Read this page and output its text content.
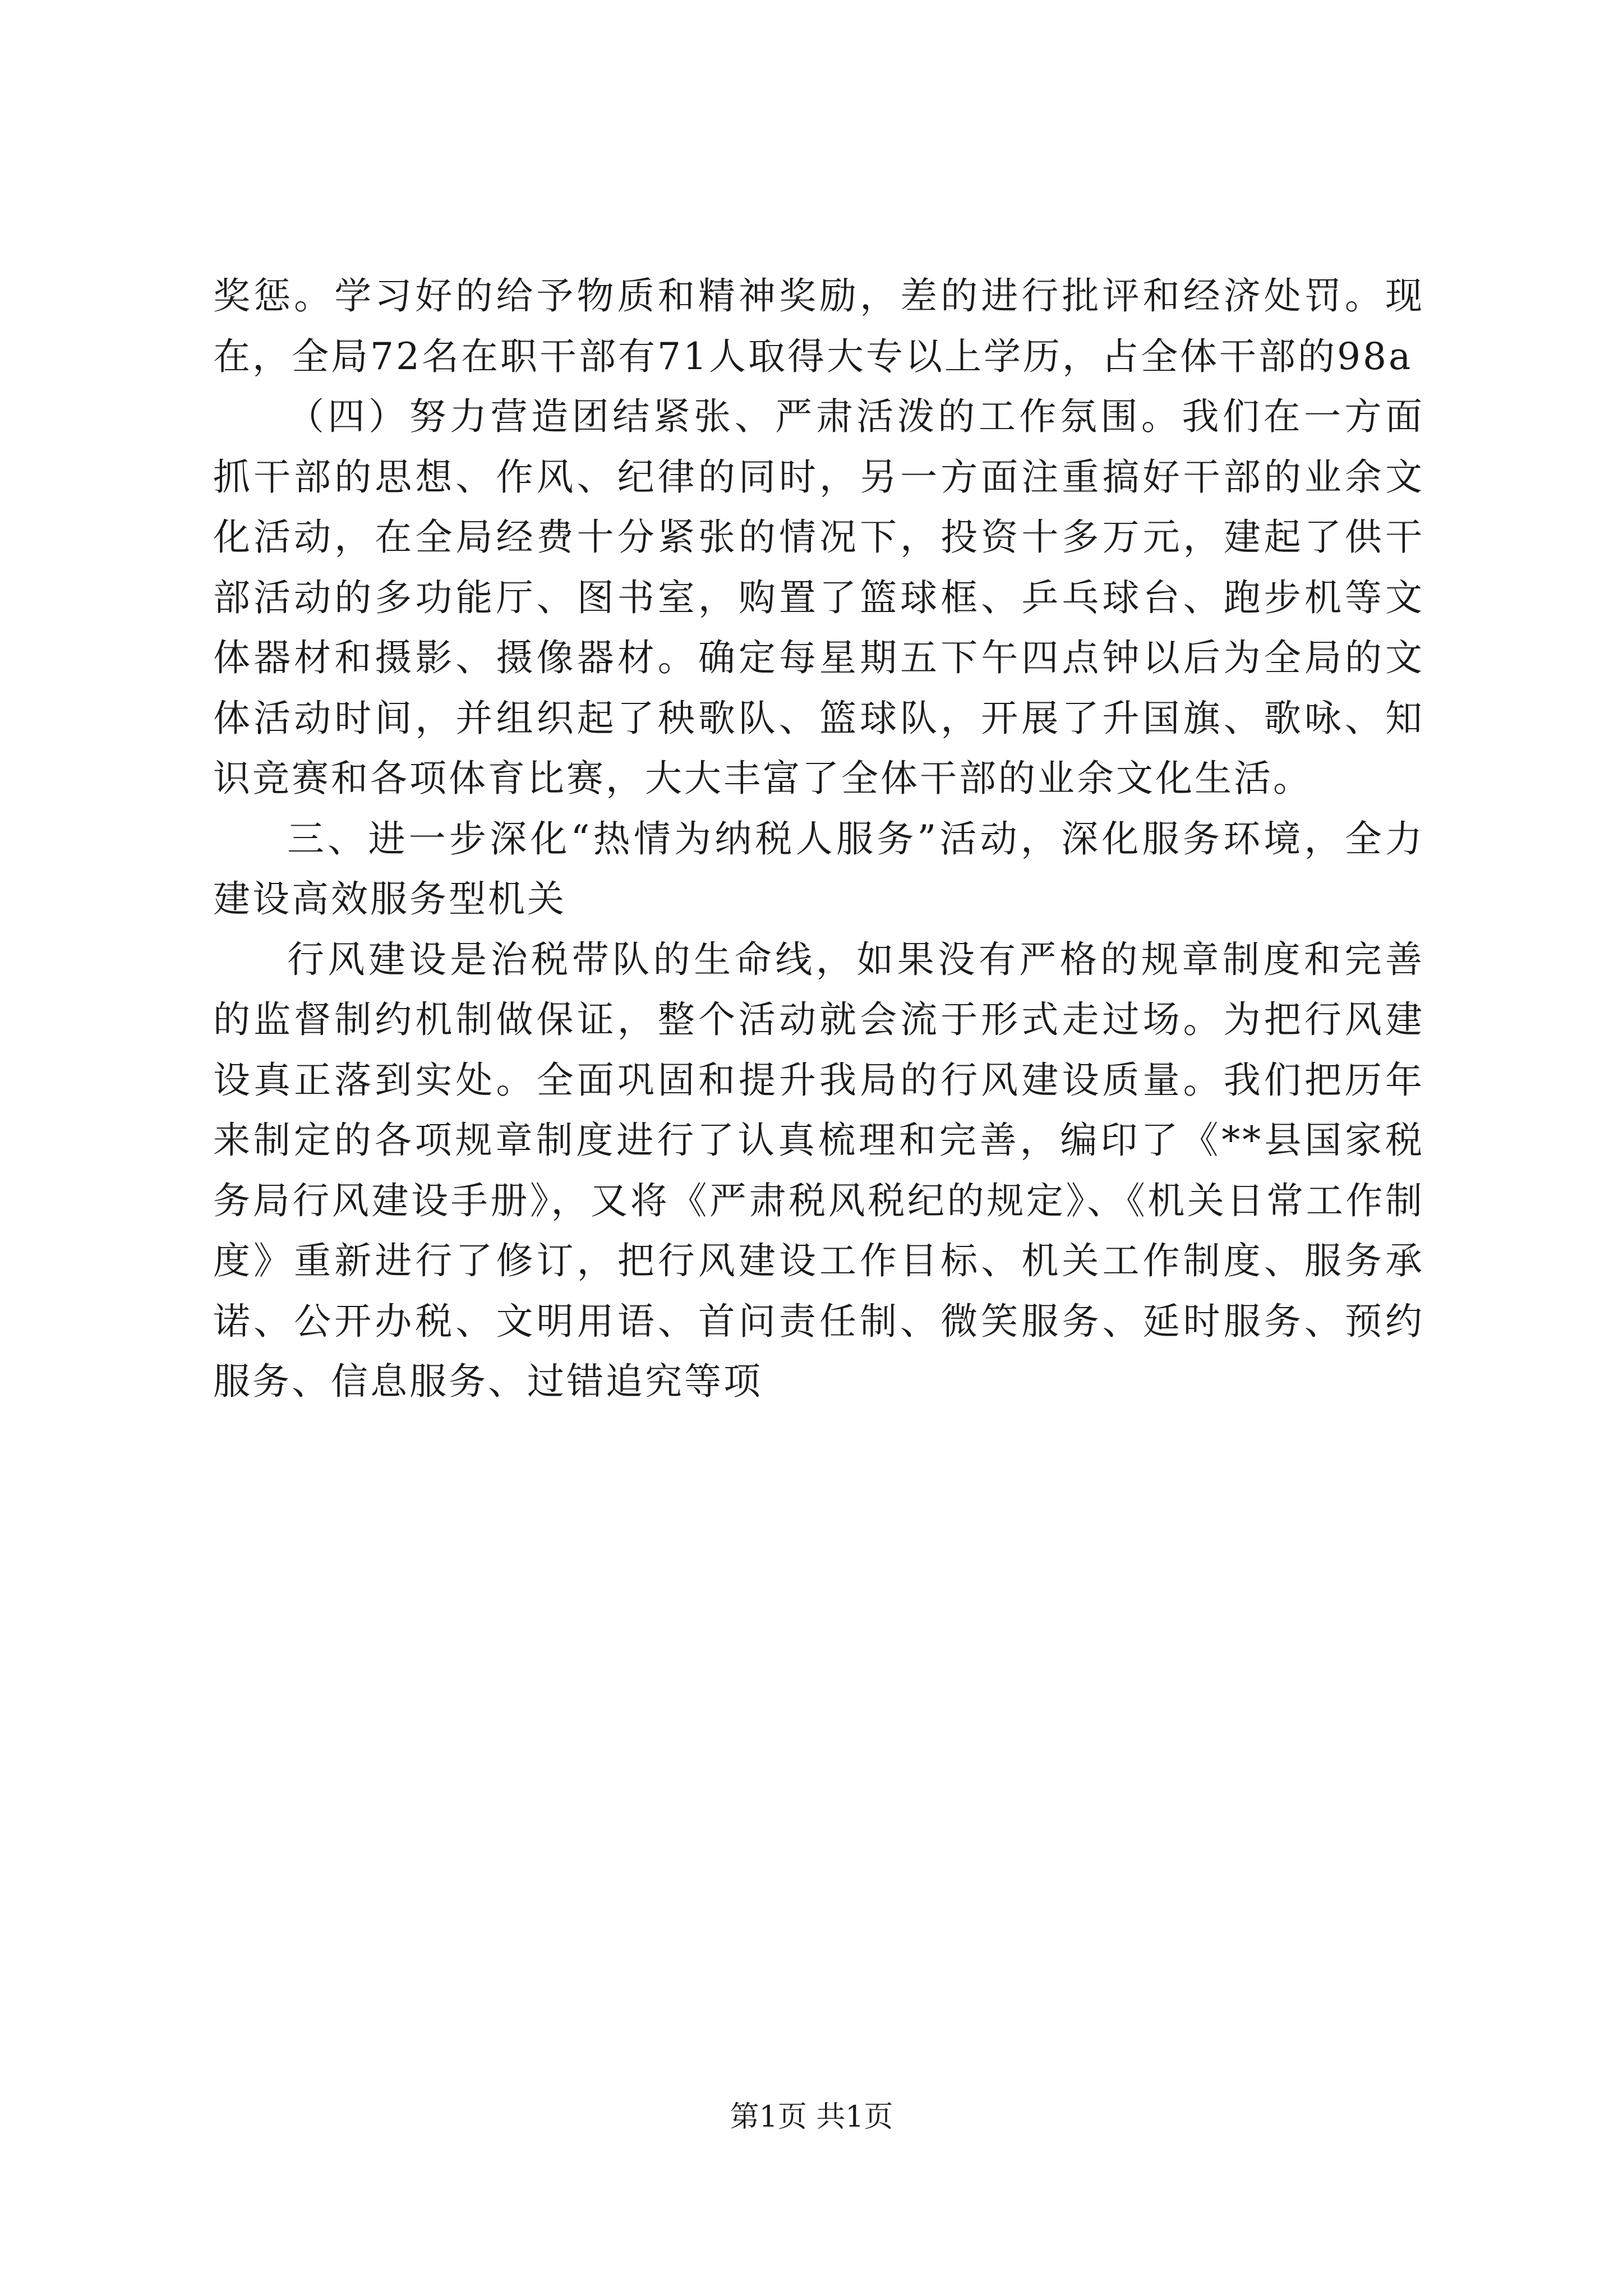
奖惩。学习好的给予物质和精神奖励，差的进行批评和经济处罚。现在，全局72名在职干部有71人取得大专以上学历，占全体干部的98a

（四）努力营造团结紧张、严肃活泼的工作氛围。我们在一方面抓干部的思想、作风、纪律的同时，另一方面注重搞好干部的业余文化活动，在全局经费十分紧张的情况下，投资十多万元，建起了供干部活动的多功能厅、图书室，购置了篮球框、乒乓球台、跑步机等文体器材和摄影、摄像器材。确定每星期五下午四点钟以后为全局的文体活动时间，并组织起了秧歌队、篮球队，开展了升国旗、歌咏、知识竞赛和各项体育比赛，大大丰富了全体干部的业余文化生活。

三、进一步深化“热情为纳税人服务”活动，深化服务环境，全力建设高效服务型机关

行风建设是治税带队的生命线，如果没有严格的规章制度和完善的监督制约机制做保证，整个活动就会流于形式走过场。为把行风建设真正落到实处。全面巩固和提升我局的行风建设质量。我们把历年来制定的各项规章制度进行了认真梳理和完善，编印了《**县国家税务局行风建设手册》，又将《严肃税风税纪的规定》、《机关日常工作制度》重新进行了修订，把行风建设工作目标、机关工作制度、服务承诺、公开办税、文明用语、首问责任制、微笑服务、延时服务、预约服务、信息服务、过错追究等项

第1页 共1页
